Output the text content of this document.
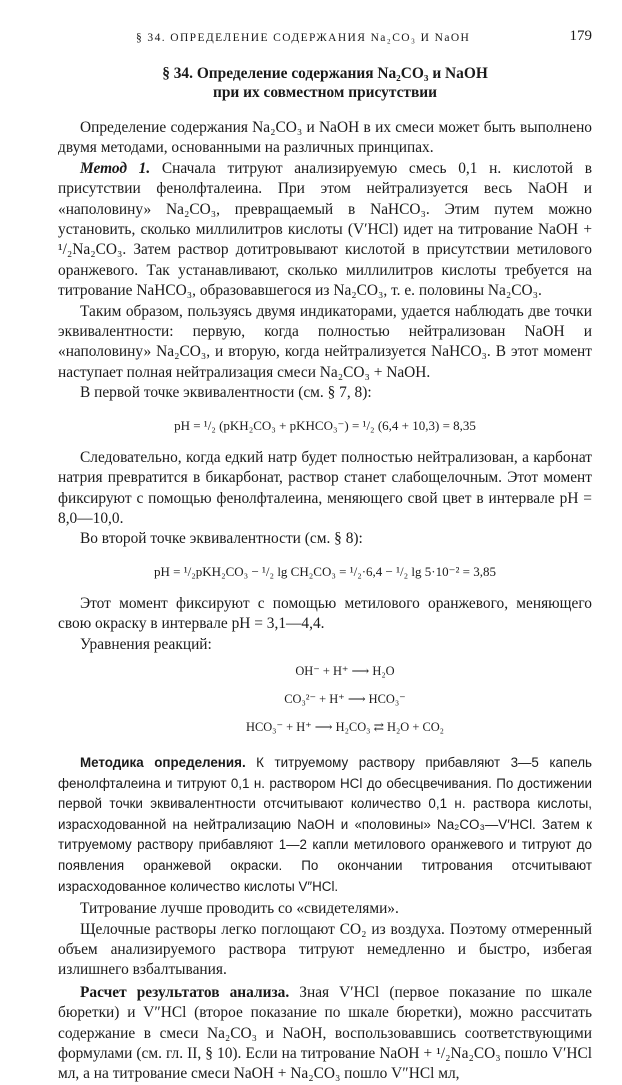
§ 34. ОПРЕДЕЛЕНИЕ СОДЕРЖАНИЯ Na₂CO₃ И NaOH	179
§ 34. Определение содержания Na₂CO₃ и NaOH
при их совместном присутствии

Определение содержания Na₂CO₃ и NaOH в их смеси может быть выполнено двумя методами, основанными на различных принципах.

Метод 1. Сначала титруют анализируемую смесь 0,1 н. кислотой в присутствии фенолфталеина. При этом нейтрализуется весь NaOH и «наполовину» Na₂CO₃, превращаемый в NaHCO₃. Этим путем можно установить, сколько миллилитров кислоты (V′HCl) идет на титрование NaOH + ¹/₂Na₂CO₃. Затем раствор дотитровывают кислотой в присутствии метилового оранжевого. Так устанавливают, сколько миллилитров кислоты требуется на титрование NaHCO₃, образовавшегося из Na₂CO₃, т. е. половины Na₂CO₃.

Таким образом, пользуясь двумя индикаторами, удается наблюдать две точки эквивалентности: первую, когда полностью нейтрализован NaOH и «наполовину» Na₂CO₃, и вторую, когда нейтрализуется NaHCO₃. В этот момент наступает полная нейтрализация смеси Na₂CO₃ + NaOH.

В первой точке эквивалентности (см. § 7, 8):

pH = ¹/₂ (pKH₂CO₃ + pKHCO₃⁻) = ¹/₂ (6,4 + 10,3) = 8,35

Следовательно, когда едкий натр будет полностью нейтрализован, а карбонат натрия превратится в бикарбонат, раствор станет слабощелочным. Этот момент фиксируют с помощью фенолфталеина, меняющего свой цвет в интервале pH = 8,0—10,0.

Во второй точке эквивалентности (см. § 8):

pH = ¹/₂pKH₂CO₃ − ¹/₂ lg CH₂CO₃ = ¹/₂·6,4 − ¹/₂ lg 5·10⁻² = 3,85

Этот момент фиксируют с помощью метилового оранжевого, меняющего свою окраску в интервале pH = 3,1—4,4.

Уравнения реакций:

OH⁻ + H⁺ ⟶ H₂O
CO₃²⁻ + H⁺ ⟶ HCO₃⁻
HCO₃⁻ + H⁺ ⟶ H₂CO₃ ⇄ H₂O + CO₂

Методика определения. К титруемому раствору прибавляют 3—5 капель фенолфталеина и титруют 0,1 н. раствором HCl до обесцвечивания. По достижении первой точки эквивалентности отсчитывают количество 0,1 н. раствора кислоты, израсходованной на нейтрализацию NaOH и «половины» Na₂CO₃—V′HCl. Затем к титруемому раствору прибавляют 1—2 капли метилового оранжевого и титруют до появления оранжевой окраски. По окончании титрования отсчитывают израсходованное количество кислоты V″HCl.

Титрование лучше проводить со «свидетелями».

Щелочные растворы легко поглощают CO₂ из воздуха. Поэтому отмеренный объем анализируемого раствора титруют немедленно и быстро, избегая излишнего взбалтывания.

Расчет результатов анализа. Зная V′HCl (первое показание по шкале бюретки) и V″HCl (второе показание по шкале бюретки), можно рассчитать содержание в смеси Na₂CO₃ и NaOH, воспользовавшись соответствующими формулами (см. гл. II, § 10). Если на титрование NaOH + ¹/₂Na₂CO₃ пошло V′HCl мл, а на титрование смеси NaOH + Na₂CO₃ пошло V″HCl мл,
